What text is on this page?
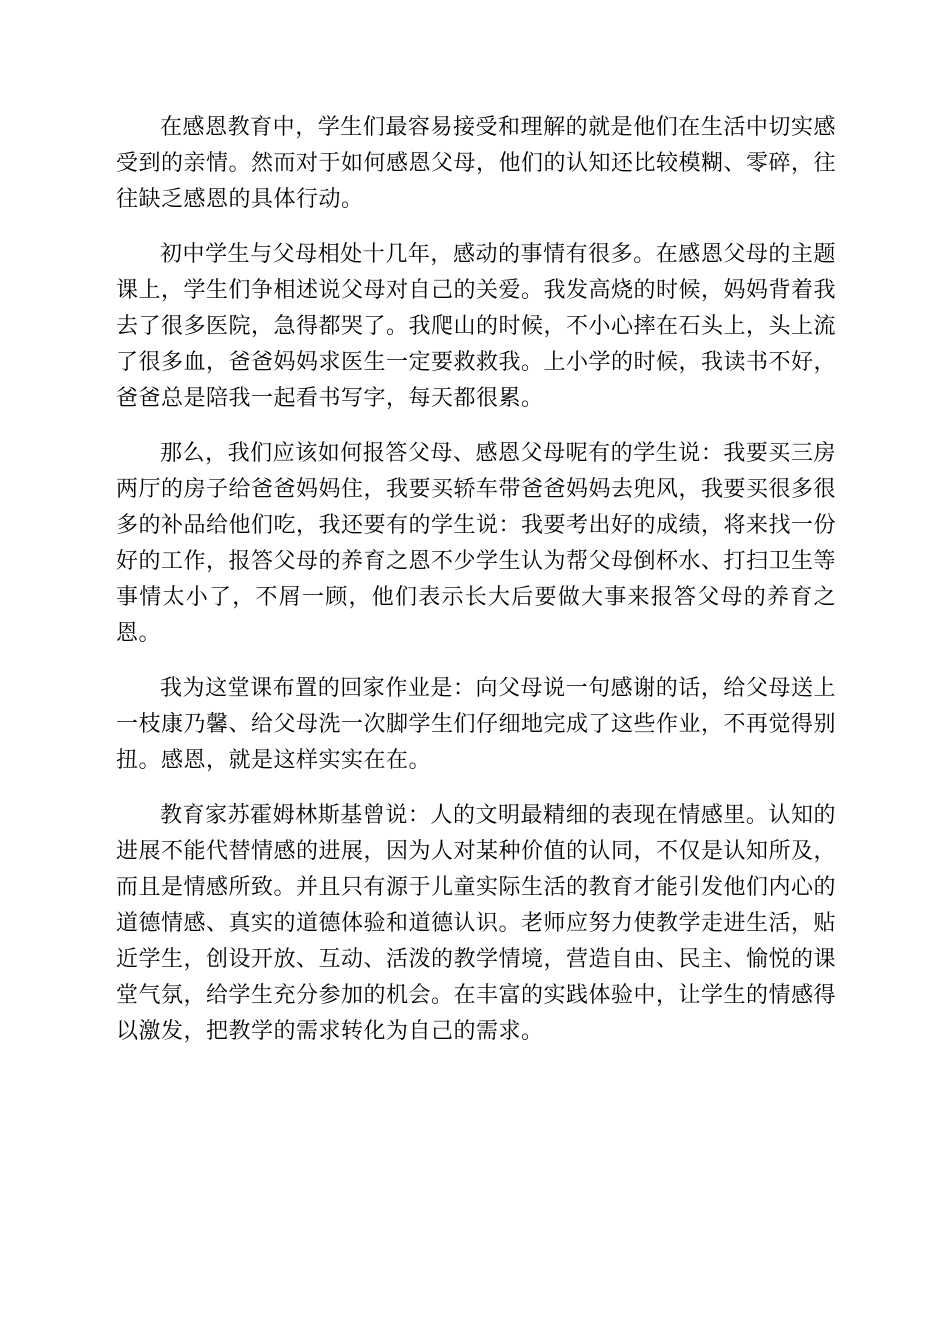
在感恩教育中，学生们最容易接受和理解的就是他们在生活中切实感受到的亲情。然而对于如何感恩父母，他们的认知还比较模糊、零碎，往往缺乏感恩的具体行动。

初中学生与父母相处十几年，感动的事情有很多。在感恩父母的主题课上，学生们争相述说父母对自己的关爱。我发高烧的时候，妈妈背着我去了很多医院，急得都哭了。我爬山的时候，不小心摔在石头上，头上流了很多血，爸爸妈妈求医生一定要救救我。上小学的时候，我读书不好，爸爸总是陪我一起看书写字，每天都很累。

那么，我们应该如何报答父母、感恩父母呢有的学生说：我要买三房两厅的房子给爸爸妈妈住，我要买轿车带爸爸妈妈去兜风，我要买很多很多的补品给他们吃，我还要有的学生说：我要考出好的成绩，将来找一份好的工作，报答父母的养育之恩不少学生认为帮父母倒杯水、打扫卫生等事情太小了，不屑一顾，他们表示长大后要做大事来报答父母的养育之恩。

我为这堂课布置的回家作业是：向父母说一句感谢的话，给父母送上一枝康乃馨、给父母洗一次脚学生们仔细地完成了这些作业，不再觉得别扭。感恩，就是这样实实在在。

教育家苏霍姆林斯基曾说：人的文明最精细的表现在情感里。认知的进展不能代替情感的进展，因为人对某种价值的认同，不仅是认知所及，而且是情感所致。并且只有源于儿童实际生活的教育才能引发他们内心的道德情感、真实的道德体验和道德认识。老师应努力使教学走进生活，贴近学生，创设开放、互动、活泼的教学情境，营造自由、民主、愉悦的课堂气氛，给学生充分参加的机会。在丰富的实践体验中，让学生的情感得以激发，把教学的需求转化为自己的需求。
